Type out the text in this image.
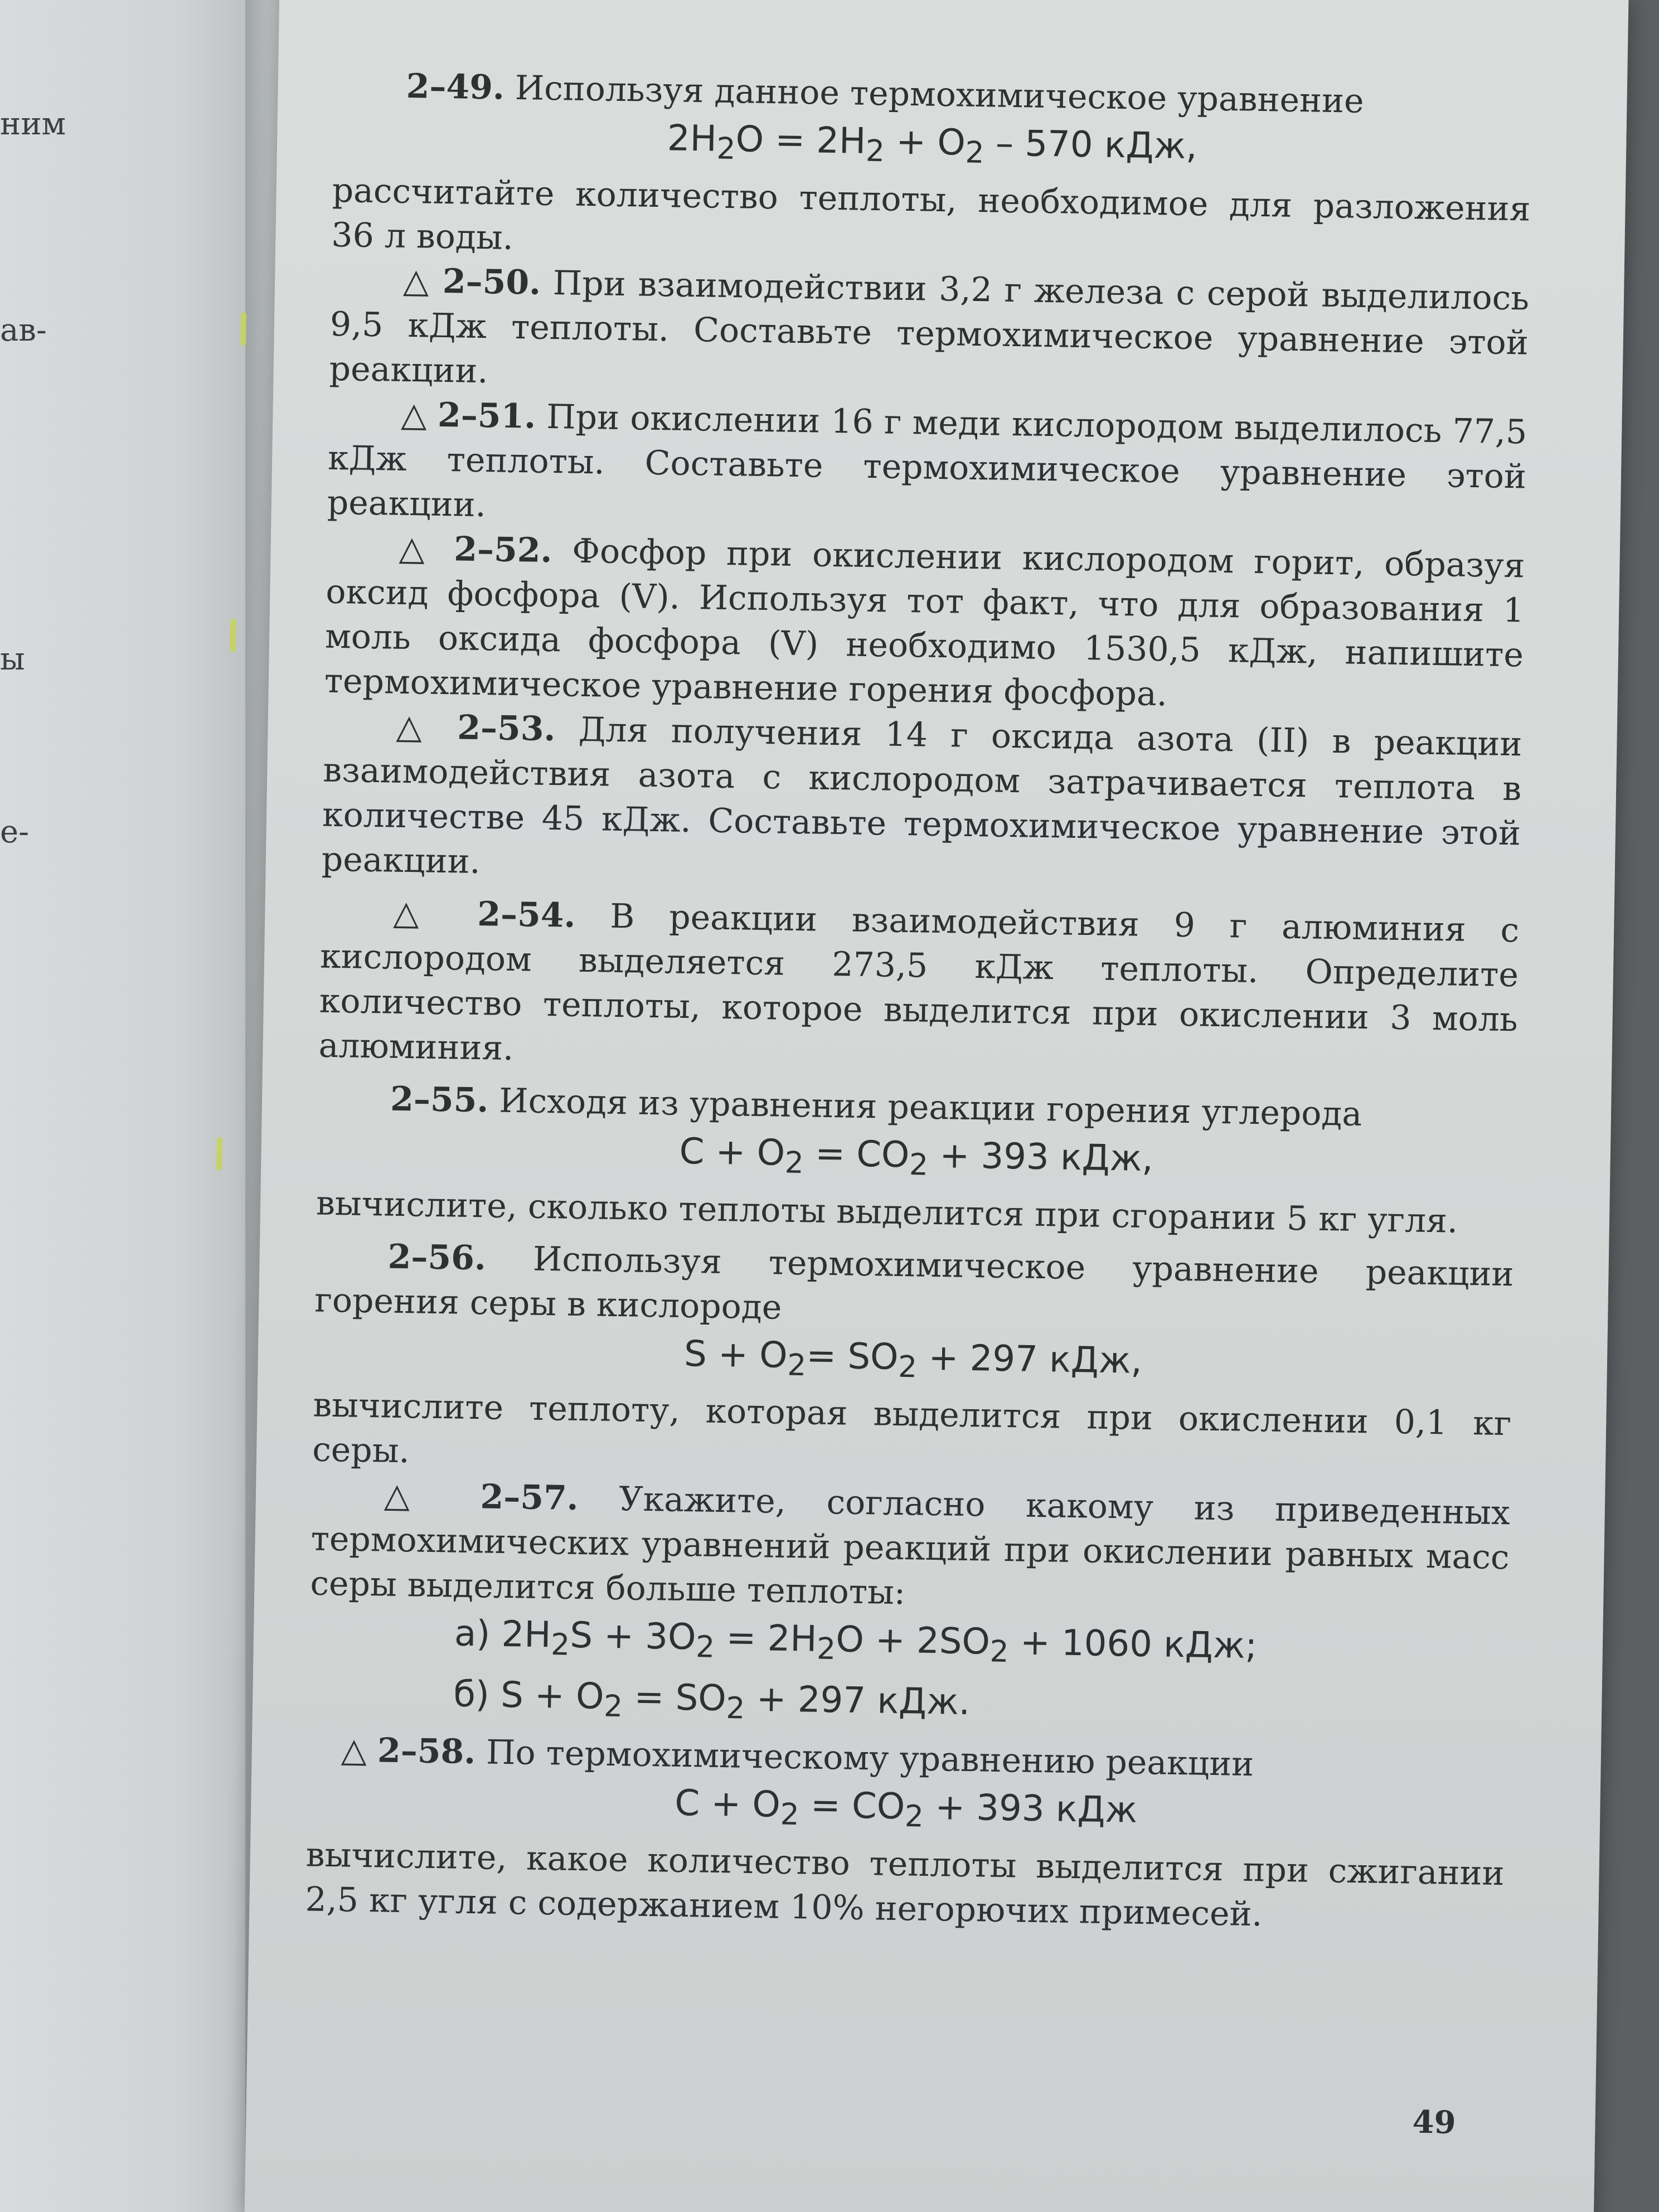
ним
ав-
ы
е-

2–49. Используя данное термохимическое уравнение

$2H_2O = 2H_2 + O_2 - 570$ кДж,
рассчитайте количество теплоты, необходимое для разложения 36 л воды.

△ 2–50. При взаимодействии 3,2 г железа с серой выделилось 9,5 кДж теплоты. Составьте термохимическое уравнение этой реакции.

△ 2–51. При окислении 16 г меди кислородом выделилось 77,5 кДж теплоты. Составьте термохимическое уравнение этой реакции.

△ 2–52. Фосфор при окислении кислородом горит, образуя оксид фосфора (V). Используя тот факт, что для образования 1 моль оксида фосфора (V) необходимо 1530,5 кДж, напишите термохимическое уравнение горения фосфора.

△ 2–53. Для получения 14 г оксида азота (II) в реакции взаимодействия азота с кислородом затрачивается теплота в количестве 45 кДж. Составьте термохимическое уравнение этой реакции.

△ 2–54. В реакции взаимодействия 9 г алюминия с кислородом выделяется 273,5 кДж теплоты. Определите количество теплоты, которое выделится при окислении 3 моль алюминия.

2–55. Исходя из уравнения реакции горения углерода

$C + O_2 = CO_2 + 393$ кДж,
вычислите, сколько теплоты выделится при сгорании 5 кг угля.

2–56. Используя термохимическое уравнение реакции горения серы в кислороде

$S + O_2= SO_2 + 297$ кДж,
вычислите теплоту, которая выделится при окислении 0,1 кг серы.

△ 2–57. Укажите, согласно какому из приведенных термохимических уравнений реакций при окислении равных масс серы выделится больше теплоты:

а) $2H_2S + 3O_2 = 2H_2O + 2SO_2 + 1060$ кДж;
б) $S + O_2 = SO_2 + 297$ кДж.

△ 2–58. По термохимическому уравнению реакции

$C + O_2 = CO_2 + 393$ кДж
вычислите, какое количество теплоты выделится при сжигании 2,5 кг угля с содержанием 10% негорючих примесей.
49
